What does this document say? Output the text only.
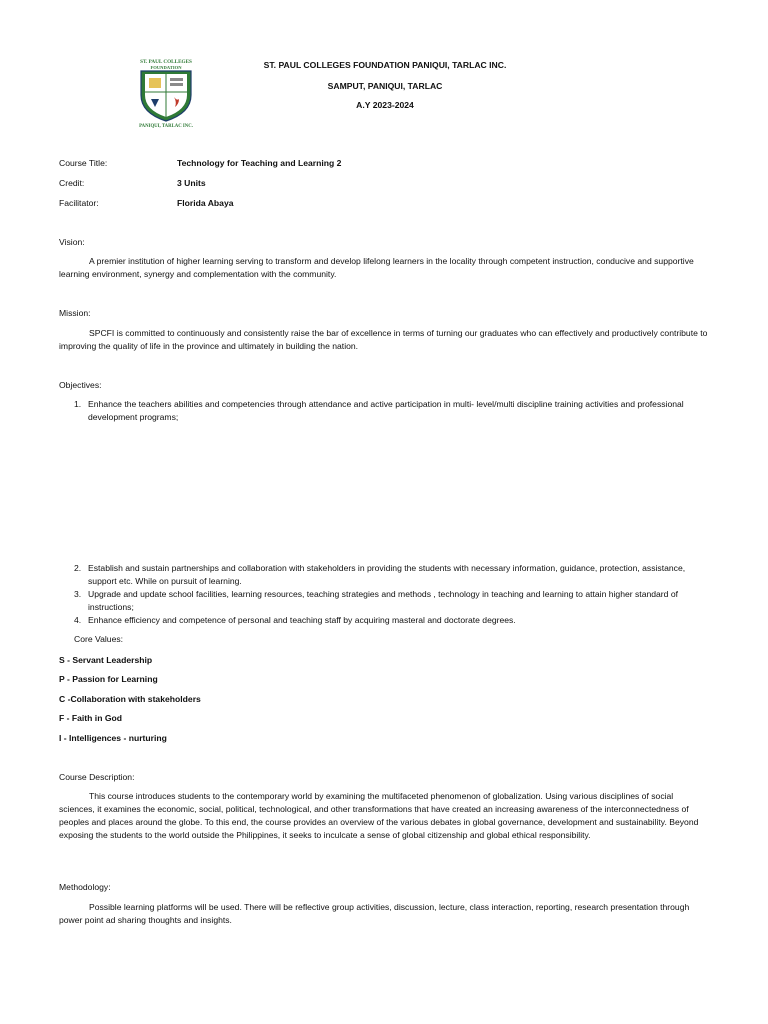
ST. PAUL COLLEGES
FOUNDATION
PANIQUI, TARLAC INC.
ST. PAUL COLLEGES FOUNDATION PANIQUI, TARLAC INC.
SAMPUT, PANIQUI, TARLAC
A.Y 2023-2024
Course Title:	Technology for Teaching and Learning 2
Credit:	3 Units
Facilitator:	Florida Abaya
Vision:
A premier institution of higher learning serving to transform and develop lifelong learners in the locality through competent instruction, conducive and supportive learning environment, synergy and complementation with the community.
Mission:
SPCFI is committed to continuously and consistently raise the bar of excellence in terms of turning our graduates who can effectively and productively contribute to improving the quality of life in the province and ultimately in building the nation.
Objectives:
1. Enhance the teachers abilities and competencies through attendance and active participation in multi- level/multi discipline training activities and professional development programs;
2. Establish and sustain partnerships and collaboration with stakeholders in providing the students with necessary information, guidance, protection, assistance, support etc. While on pursuit of learning.
3. Upgrade and update school facilities, learning resources, teaching strategies and methods , technology in teaching and learning to attain higher standard of instructions;
4. Enhance efficiency and competence of personal and teaching staff by acquiring masteral and doctorate degrees.
Core Values:
S - Servant Leadership
P - Passion for Learning
C -Collaboration with stakeholders
F - Faith in God
I - Intelligences - nurturing
Course Description:
This course introduces students to the contemporary world by examining the multifaceted phenomenon of globalization. Using various disciplines of social sciences, it examines the economic, social, political, technological, and other transformations that have created an increasing awareness of the interconnectedness of peoples and places around the globe. To this end, the course provides an overview of the various debates in global governance, development and sustainability. Beyond exposing the students to the world outside the Philippines, it seeks to inculcate a sense of global citizenship and global ethical responsibility.
Methodology:
Possible learning platforms will be used. There will be reflective group activities, discussion, lecture, class interaction, reporting, research presentation through power point ad sharing thoughts and insights.
